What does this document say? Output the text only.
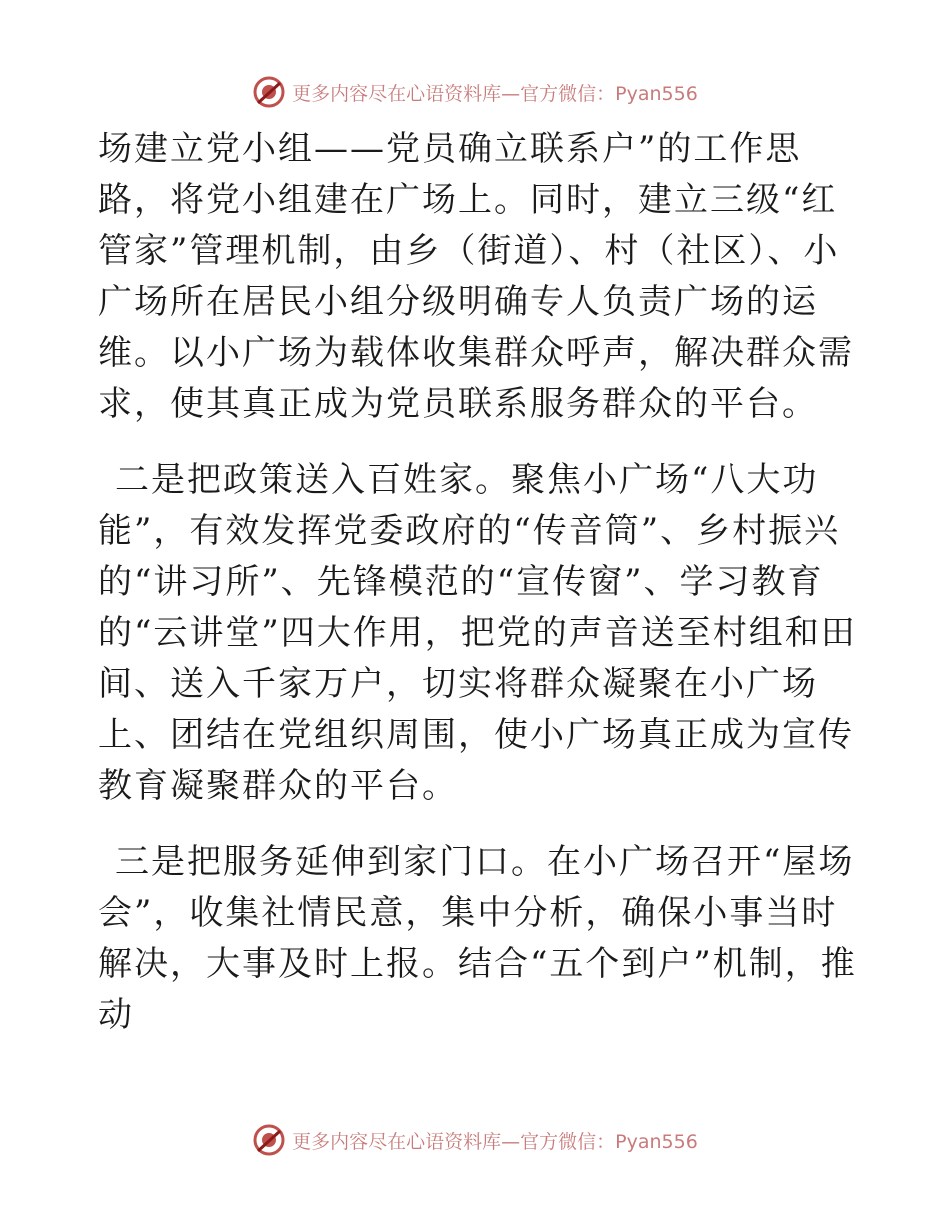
更多内容尽在心语资料库—官方微信：Pyan556

场建立党小组——党员确立联系户”的工作思路，将党小组建在广场上。同时，建立三级“红管家”管理机制，由乡（街道）、村（社区）、小广场所在居民小组分级明确专人负责广场的运维。以小广场为载体收集群众呼声，解决群众需求，使其真正成为党员联系服务群众的平台。

二是把政策送入百姓家。聚焦小广场“八大功能”，有效发挥党委政府的“传音筒”、乡村振兴的“讲习所”、先锋模范的“宣传窗”、学习教育的“云讲堂”四大作用，把党的声音送至村组和田间、送入千家万户，切实将群众凝聚在小广场上、团结在党组织周围，使小广场真正成为宣传教育凝聚群众的平台。

三是把服务延伸到家门口。在小广场召开“屋场会”，收集社情民意，集中分析，确保小事当时解决，大事及时上报。结合“五个到户”机制，推动

更多内容尽在心语资料库—官方微信：Pyan556
